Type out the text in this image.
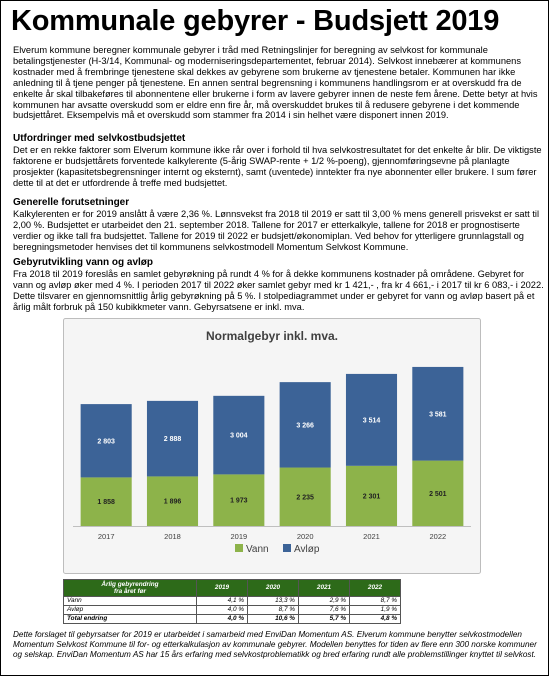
Kommunale gebyrer - Budsjett 2019
Elverum kommune beregner kommunale gebyrer i tråd med Retningslinjer for beregning av selvkost for kommunale betalingstjenester (H-3/14, Kommunal- og moderniseringsdepartementet, februar 2014). Selvkost innebærer at kommunens kostnader med å frembringe tjenestene skal dekkes av gebyrene som brukerne av tjenestene betaler. Kommunen har ikke anledning til å tjene penger på tjenestene. En annen sentral begrensning i kommunens handlingsrom er at overskudd fra de enkelte år skal tilbakeføres til abonnentene eller brukerne i form av lavere gebyrer innen de neste fem årene. Dette betyr at hvis kommunen har avsatte overskudd som er eldre enn fire år, må overskuddet brukes til å redusere gebyrene i det kommende budsjettåret. Eksempelvis må et overskudd som stammer fra 2014 i sin helhet være disponert innen 2019.
Utfordringer med selvkostbudsjettet
Det er en rekke faktorer som Elverum kommune ikke rår over i forhold til hva selvkostresultatet for det enkelte år blir. De viktigste faktorene er budsjettårets forventede kalkylerente (5-årig SWAP-rente + 1/2 %-poeng), gjennomføringsevne på planlagte prosjekter (kapasitetsbegrensninger internt og eksternt), samt (uventede) inntekter fra nye abonnenter eller brukere. I sum fører dette til at det er utfordrende å treffe med budsjettet.
Generelle forutsetninger
Kalkylerenten er for 2019 anslått å være 2,36 %. Lønnsvekst fra 2018 til 2019 er satt til 3,00 % mens generell prisvekst er satt til 2,00 %. Budsjettet er utarbeidet den 21. september 2018. Tallene for 2017 er etterkalkyle, tallene for 2018 er prognostiserte verdier og ikke tall fra budsjettet. Tallene for 2019 til 2022 er budsjett/økonomiplan. Ved behov for ytterligere grunnlagstall og beregningsmetoder henvises det til kommunens selvkostmodell Momentum Selvkost Kommune.
Gebyrutvikling vann og avløp
Fra 2018 til 2019 foreslås en samlet gebyrøkning på rundt 4 % for å dekke kommunens kostnader på områdene. Gebyret for vann og avløp øker med 4 %. I perioden 2017 til 2022 øker samlet gebyr med kr 1 421,- , fra kr 4 661,- i 2017 til kr 6 083,- i 2022. Dette tilsvarer en gjennomsnittlig årlig gebyrøkning på 5 %. I stolpediagrammet under er gebyret for vann og avløp basert på et årlig målt forbruk på 150 kubikkmeter vann. Gebyrsatsene er inkl. mva.
Normalgebyr inkl. mva.
1 858
2 803
2017
1 896
2 888
2018
1 973
3 004
2019
2 235
3 266
2020
2 301
3 514
2021
2 501
3 581
2022
Vann	Avløp
Årlig gebyrendring
fra året før	2019	2020	2021	2022
Vann	4,1 %	13,3 %	2,9 %	8,7 %
Avløp	4,0 %	8,7 %	7,6 %	1,9 %
Total endring	4,0 %	10,6 %	5,7 %	4,8 %
Dette forslaget til gebyrsatser for 2019 er utarbeidet i samarbeid med EnviDan Momentum AS. Elverum kommune benytter selvkostmodellen Momentum Selvkost Kommune til for- og etterkalkulasjon av kommunale gebyrer. Modellen benyttes for tiden av flere enn 300 norske kommuner og selskap. EnviDan Momentum AS har 15 års erfaring med selvkostproblematikk og bred erfaring rundt alle problemstillinger knyttet til selvkost.
